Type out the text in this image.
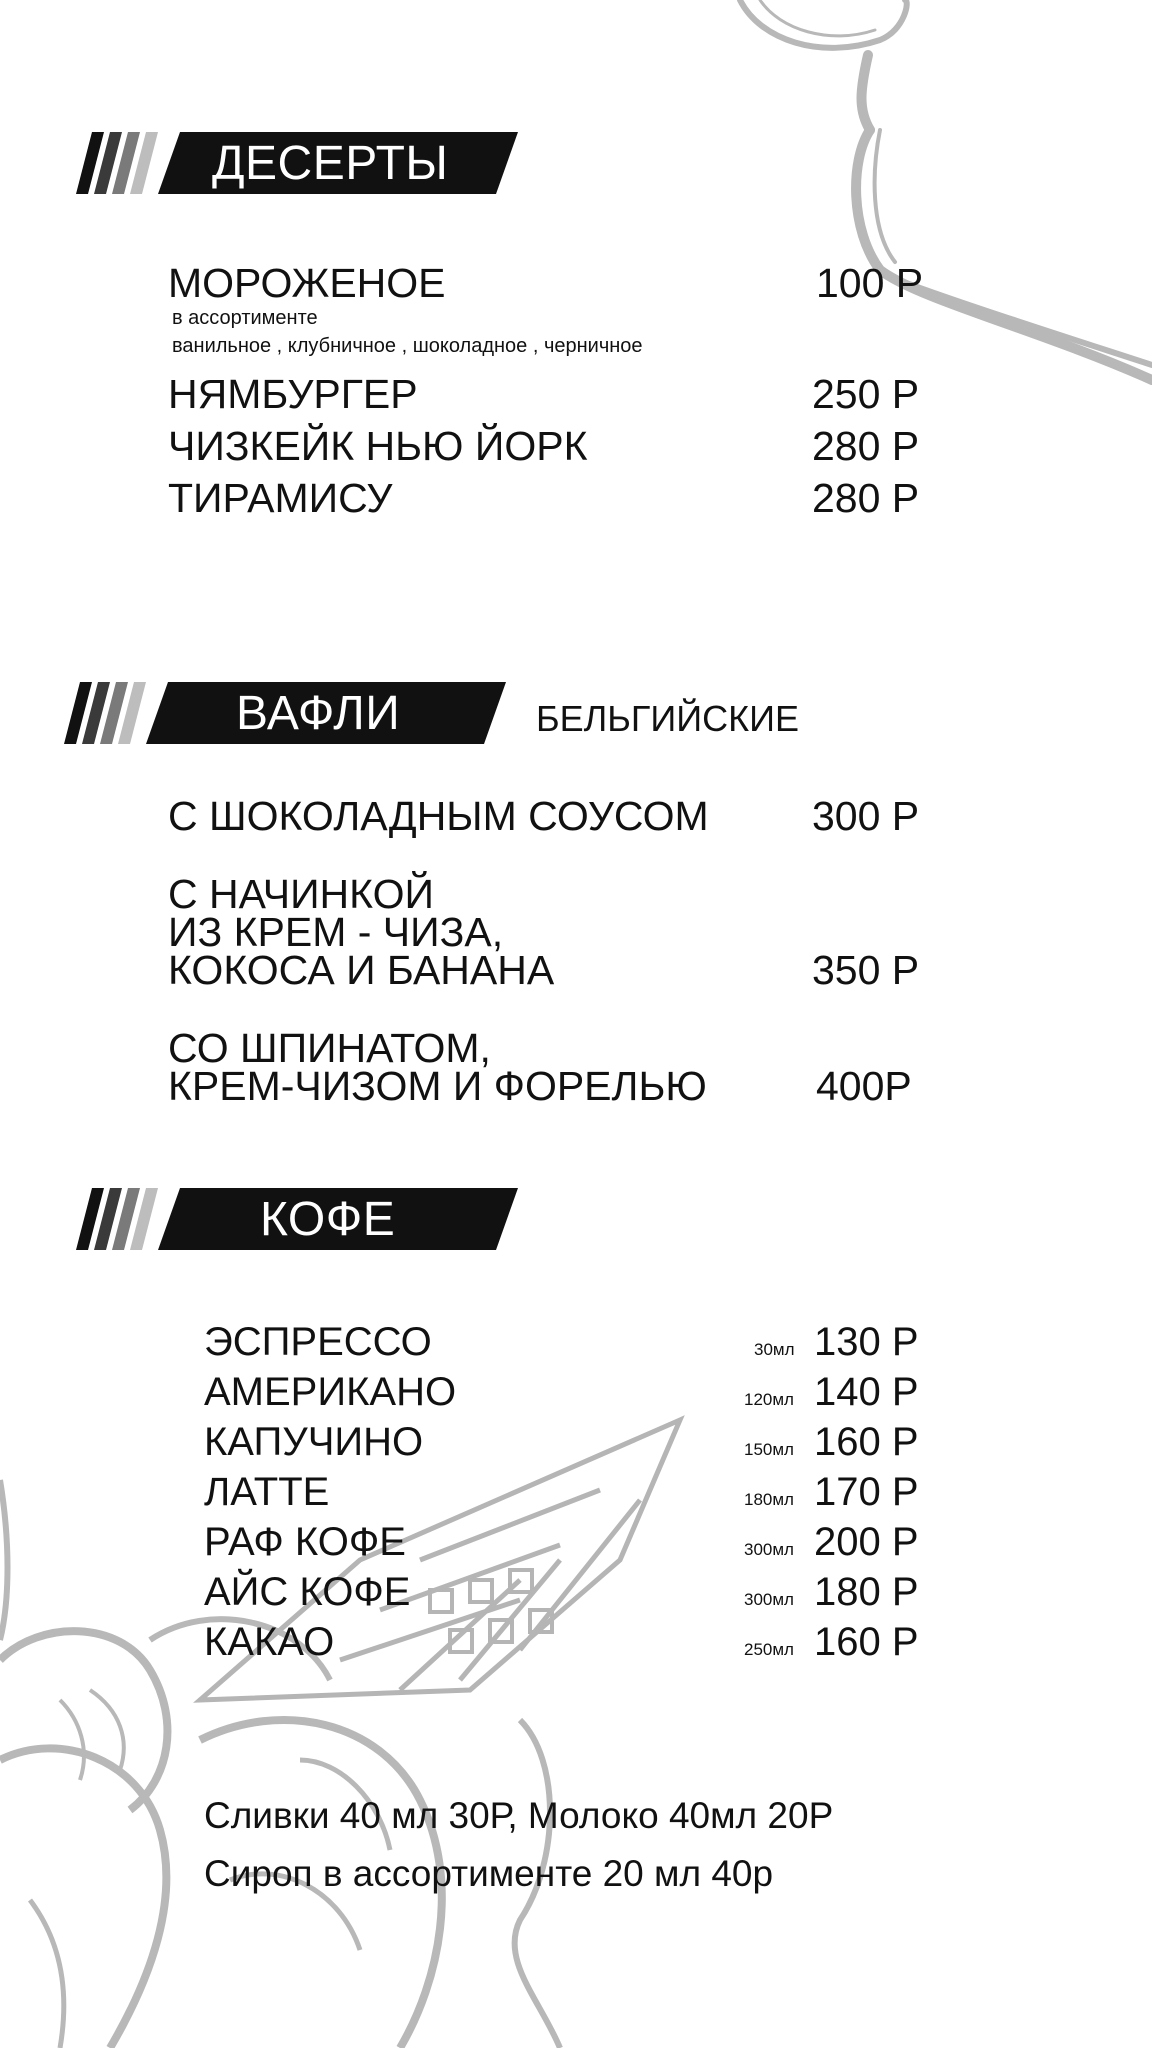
ДЕСЕРТЫ
МОРОЖЕНОЕ	100 Р
в ассортименте
ванильное , клубничное , шоколадное , черничное
НЯМБУРГЕР	250 Р
ЧИЗКЕЙК НЬЮ ЙОРК	280 Р
ТИРАМИСУ	280 Р
ВАФЛИ	БЕЛЬГИЙСКИЕ
С ШОКОЛАДНЫМ СОУСОМ	300 Р
С НАЧИНКОЙ
ИЗ КРЕМ - ЧИЗА,
КОКОСА И БАНАНА	350 Р
СО ШПИНАТОМ,
КРЕМ-ЧИЗОМ И ФОРЕЛЬЮ	400Р
КОФЕ
ЭСПРЕССО	30мл 130 Р
АМЕРИКАНО	120мл 140 Р
КАПУЧИНО	150мл 160 Р
ЛАТТЕ	180мл 170 Р
РАФ КОФЕ	300мл 200 Р
АЙС КОФЕ	300мл 180 Р
КАКАО	250мл 160 Р
Сливки 40 мл 30Р, Молоко 40мл 20Р
Сироп в ассортименте 20 мл 40р
